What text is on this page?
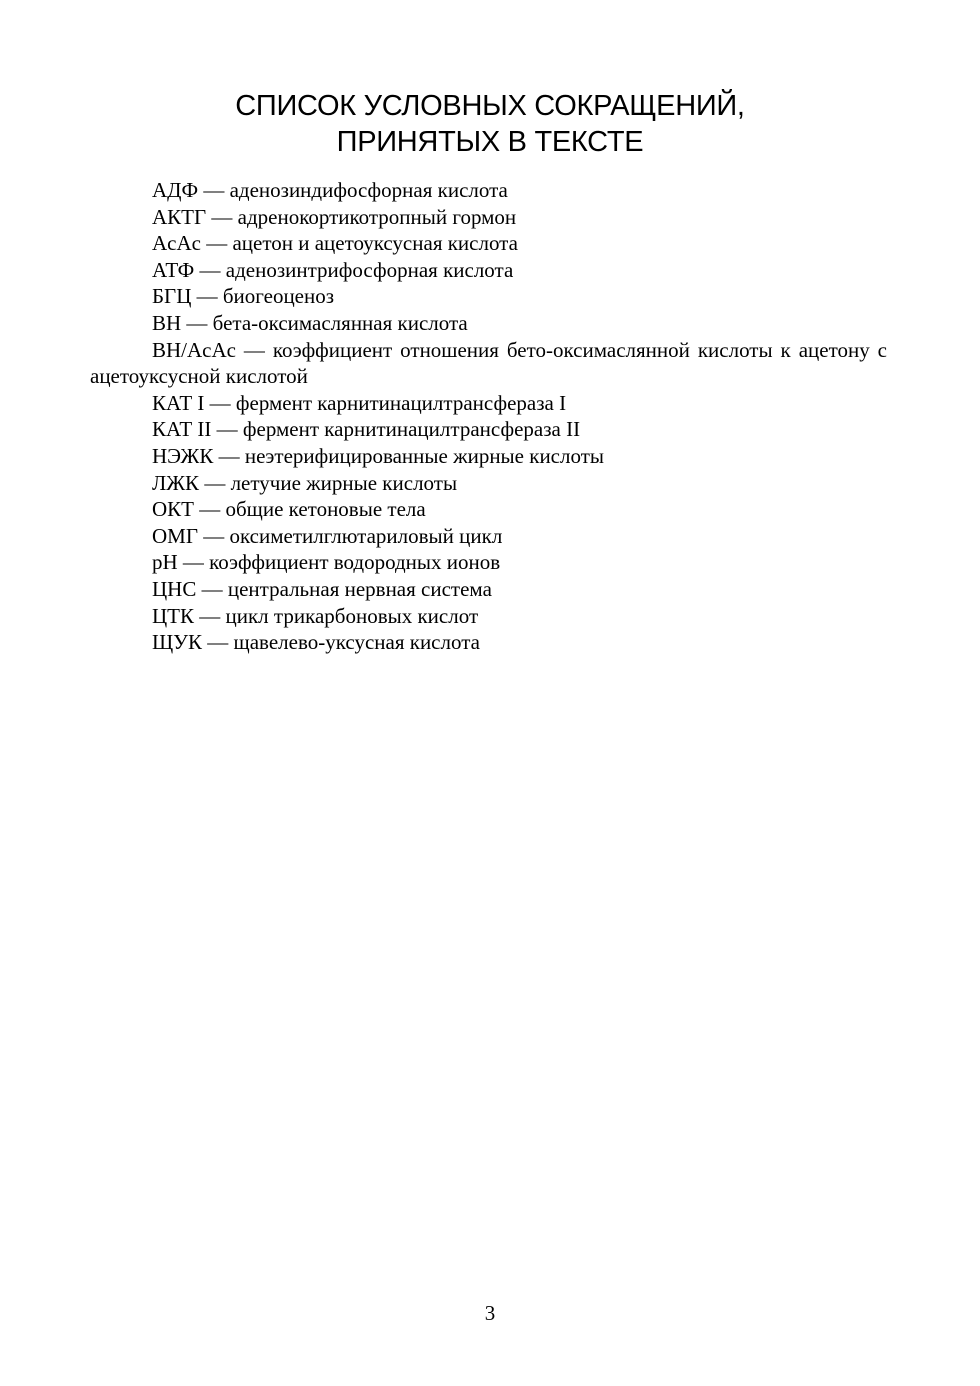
СПИСОК УСЛОВНЫХ СОКРАЩЕНИЙ,
ПРИНЯТЫХ В ТЕКСТЕ
АДФ — аденозиндифосфорная кислота
АКТГ — адренокортикотропный гормон
AcAc — ацетон и ацетоуксусная кислота
АТФ — аденозинтрифосфорная кислота
БГЦ — биогеоценоз
BH — бета-оксимаслянная кислота
BH/AcAc — коэффициент отношения бето-оксимаслянной кислоты к ацетону с ацетоуксусной кислотой
КАТ I — фермент карнитинацилтрансфераза I
КАТ II — фермент карнитинацилтрансфераза II
НЭЖК — неэтерифицированные жирные кислоты
ЛЖК — летучие жирные кислоты
ОКТ — общие кетоновые тела
ОМГ — оксиметилглютариловый цикл
pH — коэффициент водородных ионов
ЦНС — центральная нервная система
ЦТК — цикл трикарбоновых кислот
ЩУК — щавелево-уксусная кислота
3
